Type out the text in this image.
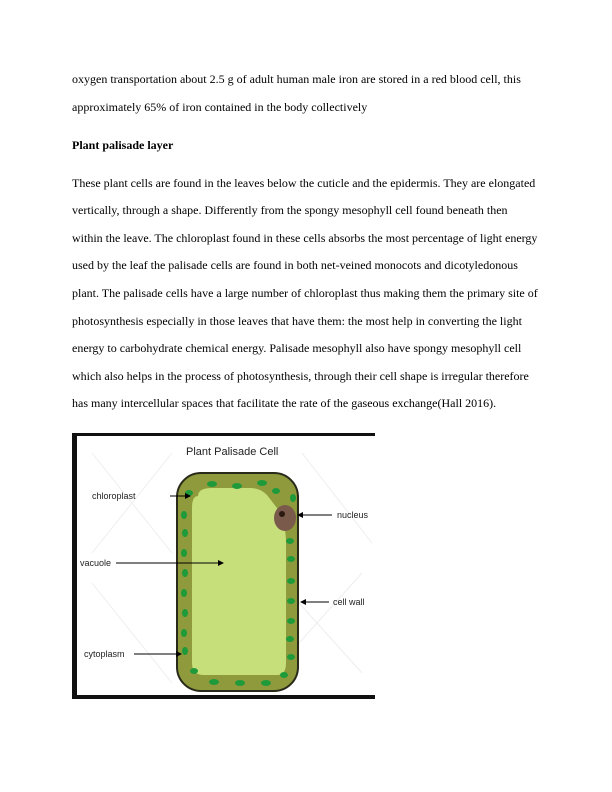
oxygen transportation about 2.5 g of adult human male iron are stored in a red blood cell, this
approximately 65% of iron contained in the body collectively
Plant palisade layer
These plant cells are found in the leaves below the cuticle and the epidermis. They are elongated
vertically, through a shape. Differently from the spongy mesophyll cell found beneath then
within the leave. The chloroplast found in these cells absorbs the most percentage of light energy
used by the leaf the palisade cells are found in both net-veined monocots and dicotyledonous
plant. The palisade cells have a large number of chloroplast thus making them the primary site of
photosynthesis especially in those leaves that have them: the most help in converting the light
energy to carbohydrate chemical energy. Palisade mesophyll also have spongy mesophyll cell
which also helps in the process of photosynthesis, through their cell shape is irregular therefore
has many intercellular spaces that facilitate the rate of the gaseous exchange(Hall 2016).
Plant Palisade Cell
chloroplast
nucleus
vacuole
cell wall
cytoplasm
